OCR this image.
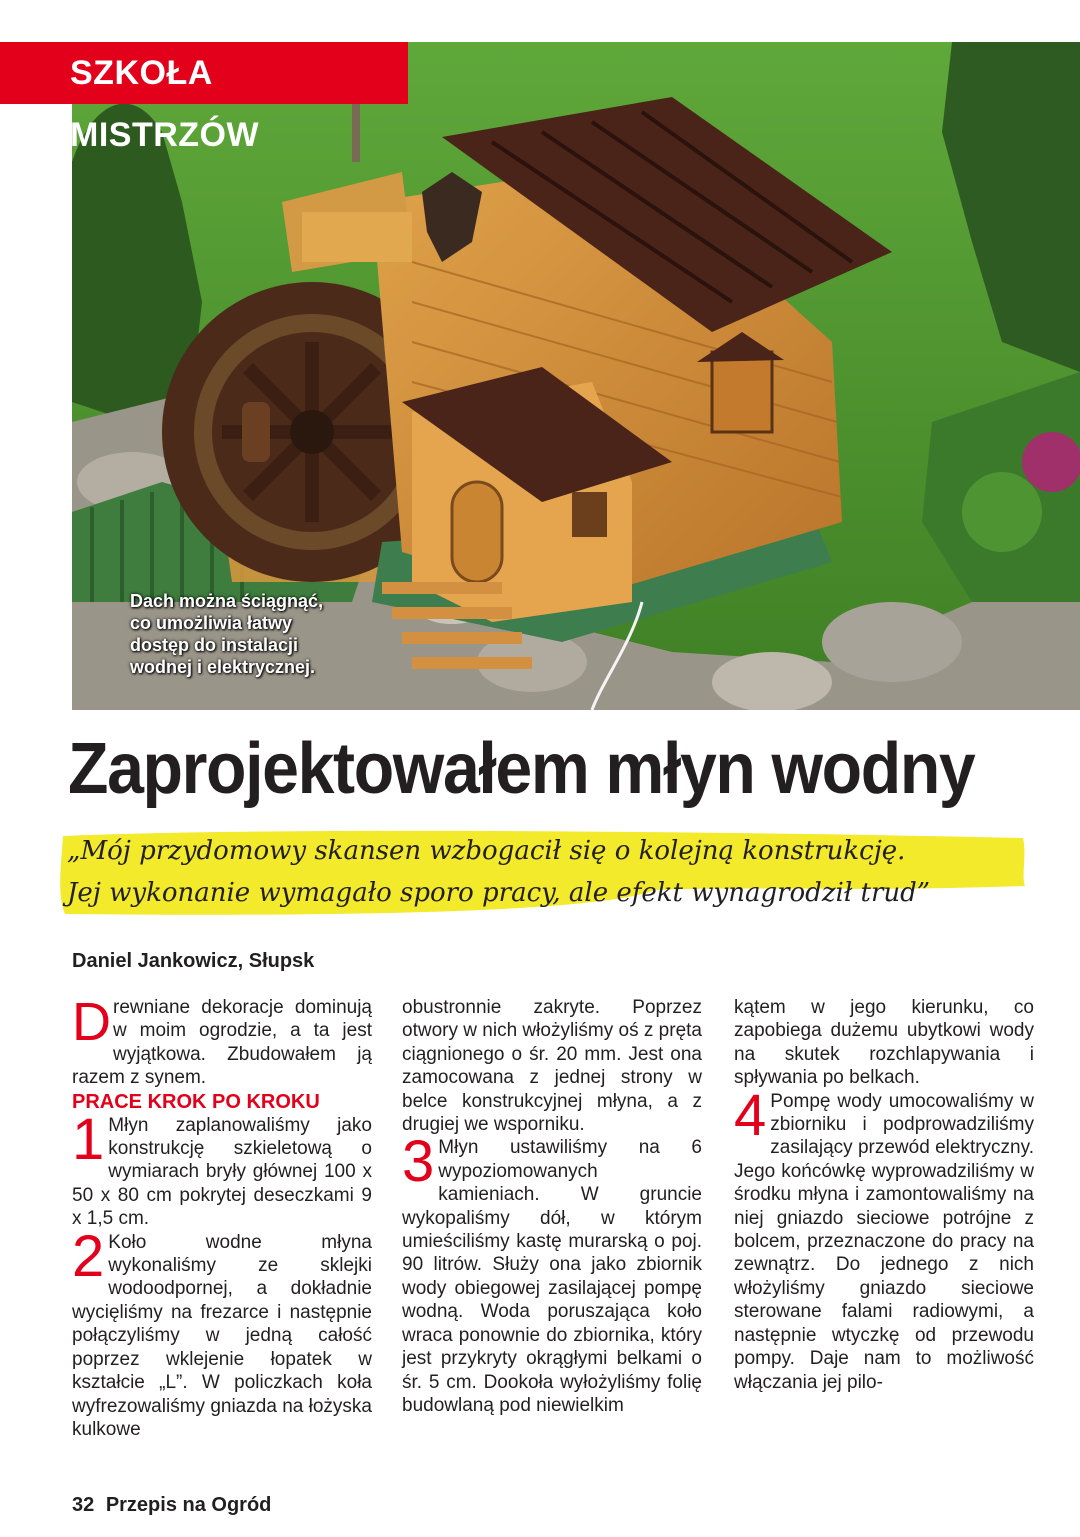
SZKOŁA MISTRZÓW
Dach można ściągnąć,
co umożliwia łatwy
dostęp do instalacji
wodnej i elektrycznej.
Zaprojektowałem młyn wodny
„Mój przydomowy skansen wzbogacił się o kolejną konstrukcję.
Jej wykonanie wymagało sporo pracy, ale efekt wynagrodził trud”
Daniel Jankowicz, Słupsk

Drewniane dekoracje dominują w moim ogrodzie, a ta jest wyjątkowa. Zbudowałem ją razem z synem.

PRACE KROK PO KROKU

1 Młyn zaplanowaliśmy jako konstrukcję szkieletową o wymiarach bryły głównej 100 x 50 x 80 cm pokrytej deseczkami 9 x 1,5 cm.

2 Koło wodne młyna wykonaliśmy ze sklejki wodoodpornej, a dokładnie wycięliśmy na frezarce i następnie połączyliśmy w jedną całość poprzez wklejenie łopatek w kształcie „L”. W policzkach koła wyfrezowaliśmy gniazda na łożyska kulkowe

obustronnie zakryte. Poprzez otwory w nich włożyliśmy oś z pręta ciągnionego o śr. 20 mm. Jest ona zamocowana z jednej strony w belce konstrukcyjnej młyna, a z drugiej we wsporniku.

3 Młyn ustawiliśmy na 6 wypoziomowanych kamieniach. W gruncie wykopaliśmy dół, w którym umieściliśmy kastę murarską o poj. 90 litrów. Służy ona jako zbiornik wody obiegowej zasilającej pompę wodną. Woda poruszająca koło wraca ponownie do zbiornika, który jest przykryty okrągłymi belkami o śr. 5 cm. Dookoła wyłożyliśmy folię budowlaną pod niewielkim

kątem w jego kierunku, co zapobiega dużemu ubytkowi wody na skutek rozchlapywania i spływania po belkach.

4 Pompę wody umocowaliśmy w zbiorniku i podprowadziliśmy zasilający przewód elektryczny. Jego końcówkę wyprowadziliśmy w środku młyna i zamontowaliśmy na niej gniazdo sieciowe potrójne z bolcem, przeznaczone do pracy na zewnątrz. Do jednego z nich włożyliśmy gniazdo sieciowe sterowane falami radiowymi, a następnie wtyczkę od przewodu pompy. Daje nam to możliwość włączania jej pilo-

32 Przepis na Ogród
